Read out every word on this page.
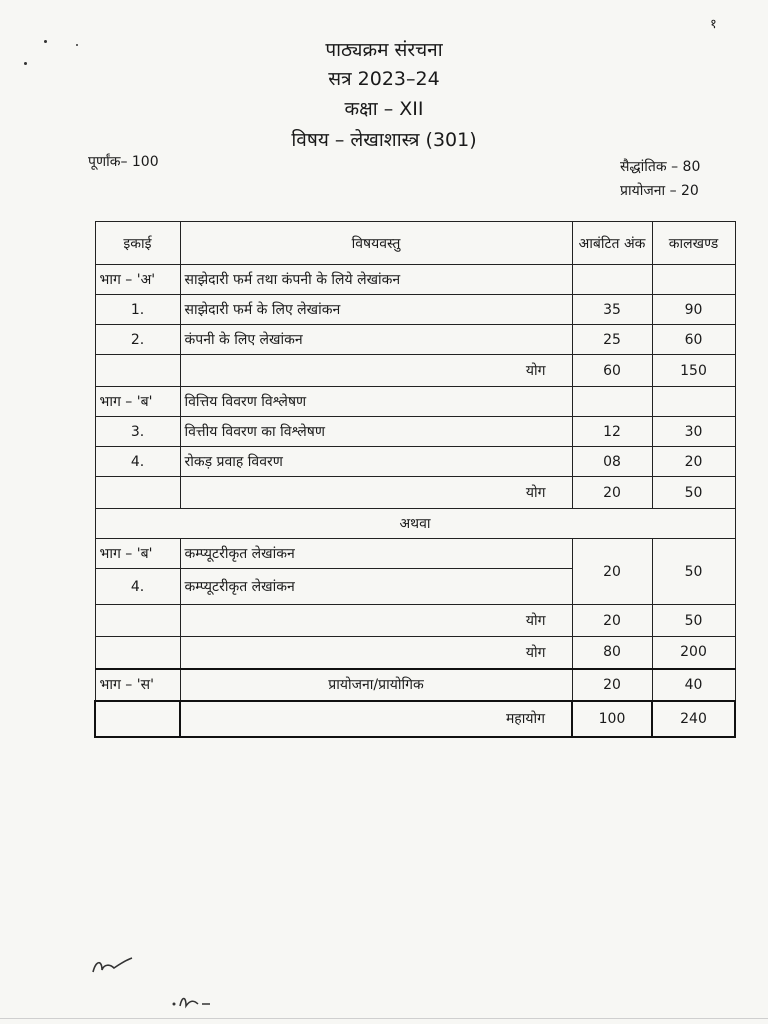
१
पाठ्यक्रम संरचना
सत्र 2023–24
कक्षा – XII
विषय – लेखाशास्त्र (301)
पूर्णांक– 100	सैद्धांतिक – 80
प्रायोजना – 20
इकाई	विषयवस्तु	आबंटित अंक	कालखण्ड
भाग – 'अ'	साझेदारी फर्म तथा कंपनी के लिये लेखांकन		
1.	साझेदारी फर्म के लिए लेखांकन	35	90
2.	कंपनी के लिए लेखांकन	25	60
	योग	60	150
भाग – 'ब'	वित्तिय विवरण विश्लेषण		
3.	वित्तीय विवरण का विश्लेषण	12	30
4.	रोकड़ प्रवाह विवरण	08	20
	योग	20	50
अथवा			
भाग – 'ब'	कम्प्यूटरीकृत लेखांकन	20	50
4.	कम्प्यूटरीकृत लेखांकन		
	योग	20	50
	योग	80	200
भाग – 'स'	प्रायोजना/प्रायोगिक	20	40
	महायोग	100	240
